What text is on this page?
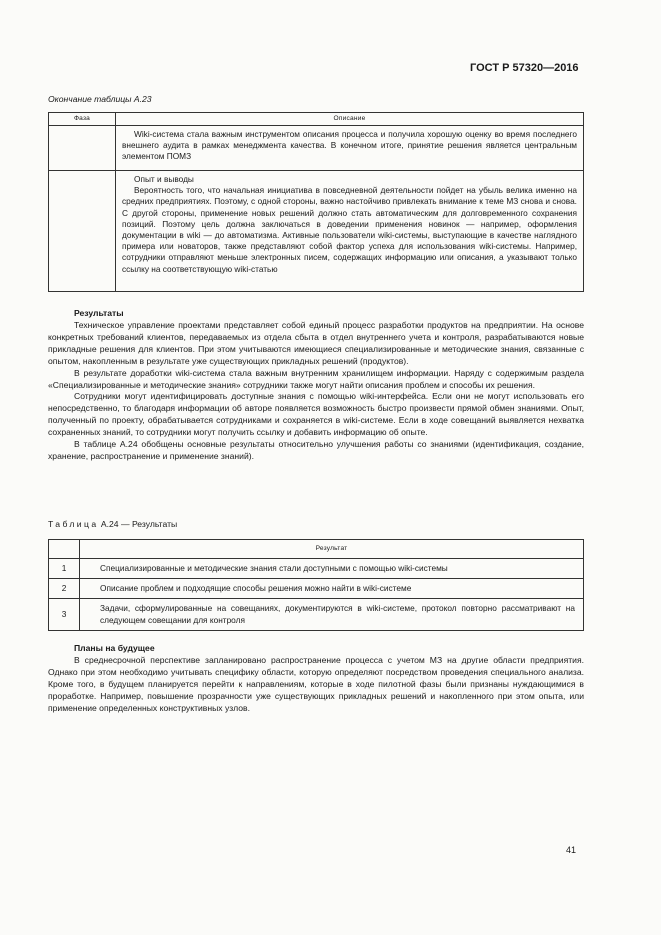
ГОСТ Р 57320—2016
Окончание таблицы А.23
Фаза	Описание

	Wiki-система стала важным инструментом описания процесса и получила хорошую оценку во время последнего внешнего аудита в рамках менеджмента качества. В конечном итоге, принятие решения является центральным элементом ПОМЗ

	Опыт и выводы

Вероятность того, что начальная инициатива в повседневной деятельности пойдет на убыль велика именно на средних предприятиях. Поэтому, с одной стороны, важно настойчиво привлекать внимание к теме МЗ снова и снова. С другой стороны, применение новых решений должно стать автоматическим для долговременного сохранения позиций. Поэтому цель должна заключаться в доведении применения новинок — например, оформления документации в wiki — до автоматизма. Активные пользователи wiki-системы, выступающие в качестве наглядного примера или новаторов, также представляют собой фактор успеха для использования wiki-системы. Например, сотрудники отправляют меньше электронных писем, содержащих информацию или описания, а указывают только ссылку на соответствующую wiki-статью

Результаты

Техническое управление проектами представляет собой единый процесс разработки продуктов на предприятии. На основе конкретных требований клиентов, передаваемых из отдела сбыта в отдел внутреннего учета и контроля, разрабатываются новые прикладные решения для клиентов. При этом учитываются имеющиеся специализированные и методические знания, связанные с опытом, накопленным в результате уже существующих прикладных решений (продуктов).

В результате доработки wiki-система стала важным внутренним хранилищем информации. Наряду с содержимым раздела «Специализированные и методические знания» сотрудники также могут найти описания проблем и способы их решения.

Сотрудники могут идентифицировать доступные знания с помощью wiki-интерфейса. Если они не могут использовать его непосредственно, то благодаря информации об авторе появляется возможность быстро произвести прямой обмен знаниями. Опыт, полученный по проекту, обрабатывается сотрудниками и сохраняется в wiki-системе. Если в ходе совещаний выявляется нехватка сохраненных знаний, то сотрудники могут получить ссылку и добавить информацию об опыте.

В таблице А.24 обобщены основные результаты относительно улучшения работы со знаниями (идентификация, создание, хранение, распространение и применение знаний).

Таблица А.24 — Результаты
	Результат
1	Специализированные и методические знания стали доступными с помощью wiki-системы
2	Описание проблем и подходящие способы решения можно найти в wiki-системе
3	Задачи, сформулированные на совещаниях, документируются в wiki-системе, протокол повторно рассматривают на следующем совещании для контроля
Планы на будущее

В среднесрочной перспективе запланировано распространение процесса с учетом МЗ на другие области предприятия. Однако при этом необходимо учитывать специфику области, которую определяют посредством проведения специального анализа. Кроме того, в будущем планируется перейти к направлениям, которые в ходе пилотной фазы были признаны нуждающимися в проработке. Например, повышение прозрачности уже существующих прикладных решений и накопленного при этом опыта, или применение определенных конструктивных узлов.

41
